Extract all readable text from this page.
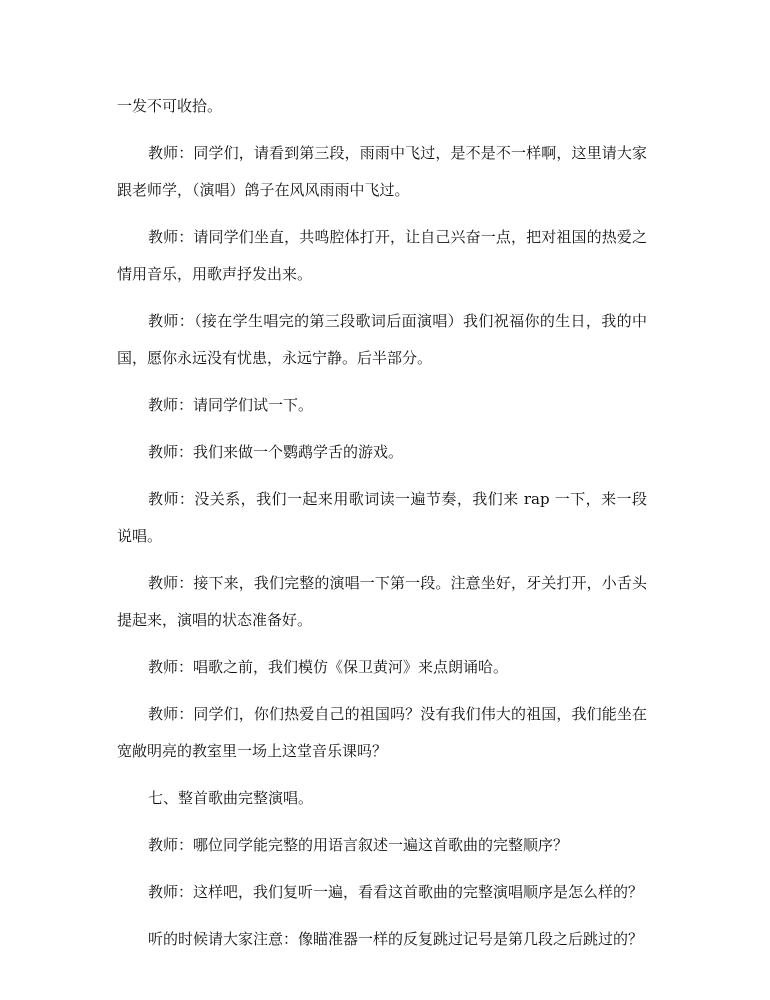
一发不可收拾。

教师：同学们，请看到第三段，雨雨中飞过，是不是不一样啊，这里请大家跟老师学，（演唱）鸽子在风风雨雨中飞过。

教师：请同学们坐直，共鸣腔体打开，让自己兴奋一点，把对祖国的热爱之情用音乐，用歌声抒发出来。

教师：（接在学生唱完的第三段歌词后面演唱）我们祝福你的生日，我的中国，愿你永远没有忧患，永远宁静。后半部分。

教师：请同学们试一下。

教师：我们来做一个鹦鹉学舌的游戏。

教师：没关系，我们一起来用歌词读一遍节奏，我们来 rap 一下，来一段说唱。

教师：接下来，我们完整的演唱一下第一段。注意坐好，牙关打开，小舌头提起来，演唱的状态准备好。

教师：唱歌之前，我们模仿《保卫黄河》来点朗诵哈。

教师：同学们，你们热爱自己的祖国吗？没有我们伟大的祖国，我们能坐在宽敞明亮的教室里一场上这堂音乐课吗？

七、整首歌曲完整演唱。

教师：哪位同学能完整的用语言叙述一遍这首歌曲的完整顺序？

教师：这样吧，我们复听一遍，看看这首歌曲的完整演唱顺序是怎么样的？

听的时候请大家注意：像瞄准器一样的反复跳过记号是第几段之后跳过的？
